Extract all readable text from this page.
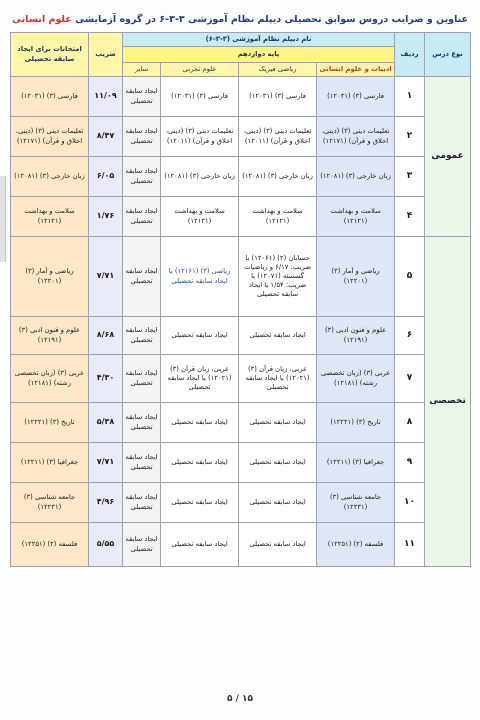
عناوین و ضرایب دروس سوابق تحصیلی دیپلم نظام آموزشی ۳-۳-۶ در گروه آزمایشی علوم انسانی
نوع درس	ردیف	نام دیپلم نظام آموزشی (۳-۳-۶)				ضریب	امتحانات برای ایجاد سابقه تحصیلی
		پایه دوازدهم					
		ادبیات و علوم انسانی	ریاضی فیزیک	علوم تجربی	سایر		
عمومی	۱	فارسی (۳) (۱۲۰۳۱)	فارسی (۳) (۱۲۰۳۱)	فارسی (۳) (۱۲۰۳۱)	ایجاد سابقه تحصیلی	۱۱/۰۹	فارسی (۳) (۱۲۰۳۱)
	۲	تعلیمات دینی (۳) (دینی، اخلاق و قرآن) (۱۲۱۷۱)	تعلیمات دینی (۳) (دینی، اخلاق و قرآن) (۱۲۰۱۱)	تعلیمات دینی (۳) (دینی، اخلاق و قرآن) (۱۲۰۱۱)	ایجاد سابقه تحصیلی	۸/۴۷	تعلیمات دینی (۳) (دینی، اخلاق و قرآن) (۱۲۱۷۱)
	۳	زبان خارجی (۳) (۱۲۰۸۱)	زبان خارجی (۳) (۱۲۰۸۱)	زبان خارجی (۳) (۱۲۰۸۱)	ایجاد سابقه تحصیلی	۶/۰۵	زبان خارجی (۳) (۱۲۰۸۱)
	۴	سلامت و بهداشت (۱۲۱۲۱)	سلامت و بهداشت (۱۲۱۲۱)	سلامت و بهداشت (۱۲۱۲۱)	ایجاد سابقه تحصیلی	۱/۷۶	سلامت و بهداشت (۱۲۱۲۱)
تخصصی	۵	ریاضی و آمار (۳) (۱۲۲۰۱)	حسابان (۲) (۱۲۰۶۱) با ضریب: ۶/۱۷ و ریاضیات گسسته (۱۲۰۷۱) با ضریب: ۱/۵۴ یا ایجاد سابقه تحصیلی	ریاضی (۳) (۱۲۱۶۱) یا ایجاد سابقه تحصیلی	ایجاد سابقه تحصیلی	۷/۷۱	ریاضی و آمار (۳) (۱۲۲۰۱)
	۶	علوم و فنون ادبی (۳) (۱۲۱۹۱)	ایجاد سابقه تحصیلی	ایجاد سابقه تحصیلی	ایجاد سابقه تحصیلی	۸/۶۸	علوم و فنون ادبی (۳) (۱۲۱۹۱)
	۷	عربی (۳) (زبان تخصصی رشته) (۱۲۱۸۱)	عربی، زبان قرآن (۳) (۱۲۰۲۱) یا ایجاد سابقه تحصیلی	عربی، زبان قرآن (۳) (۱۲۰۲۱) یا ایجاد سابقه تحصیلی	ایجاد سابقه تحصیلی	۴/۳۰	عربی (۳) (زبان تخصصی رشته) (۱۲۱۸۱)
	۸	تاریخ (۳) (۱۲۲۲۱)	ایجاد سابقه تحصیلی	ایجاد سابقه تحصیلی	ایجاد سابقه تحصیلی	۵/۳۸	تاریخ (۳) (۱۲۲۲۱)
	۹	جغرافیا (۳) (۱۲۲۱۱)	ایجاد سابقه تحصیلی	ایجاد سابقه تحصیلی	ایجاد سابقه تحصیلی	۷/۷۱	جغرافیا (۳) (۱۲۲۱۱)
	۱۰	جامعه شناسی (۳) (۱۲۲۳۱)	ایجاد سابقه تحصیلی	ایجاد سابقه تحصیلی	ایجاد سابقه تحصیلی	۴/۹۶	جامعه شناسی (۳) (۱۲۲۳۱)
	۱۱	فلسفه (۲) (۱۲۲۵۱)	ایجاد سابقه تحصیلی	ایجاد سابقه تحصیلی	ایجاد سابقه تحصیلی	۵/۵۵	فلسفه (۲) (۱۲۲۵۱)
۵ / ۱۵
